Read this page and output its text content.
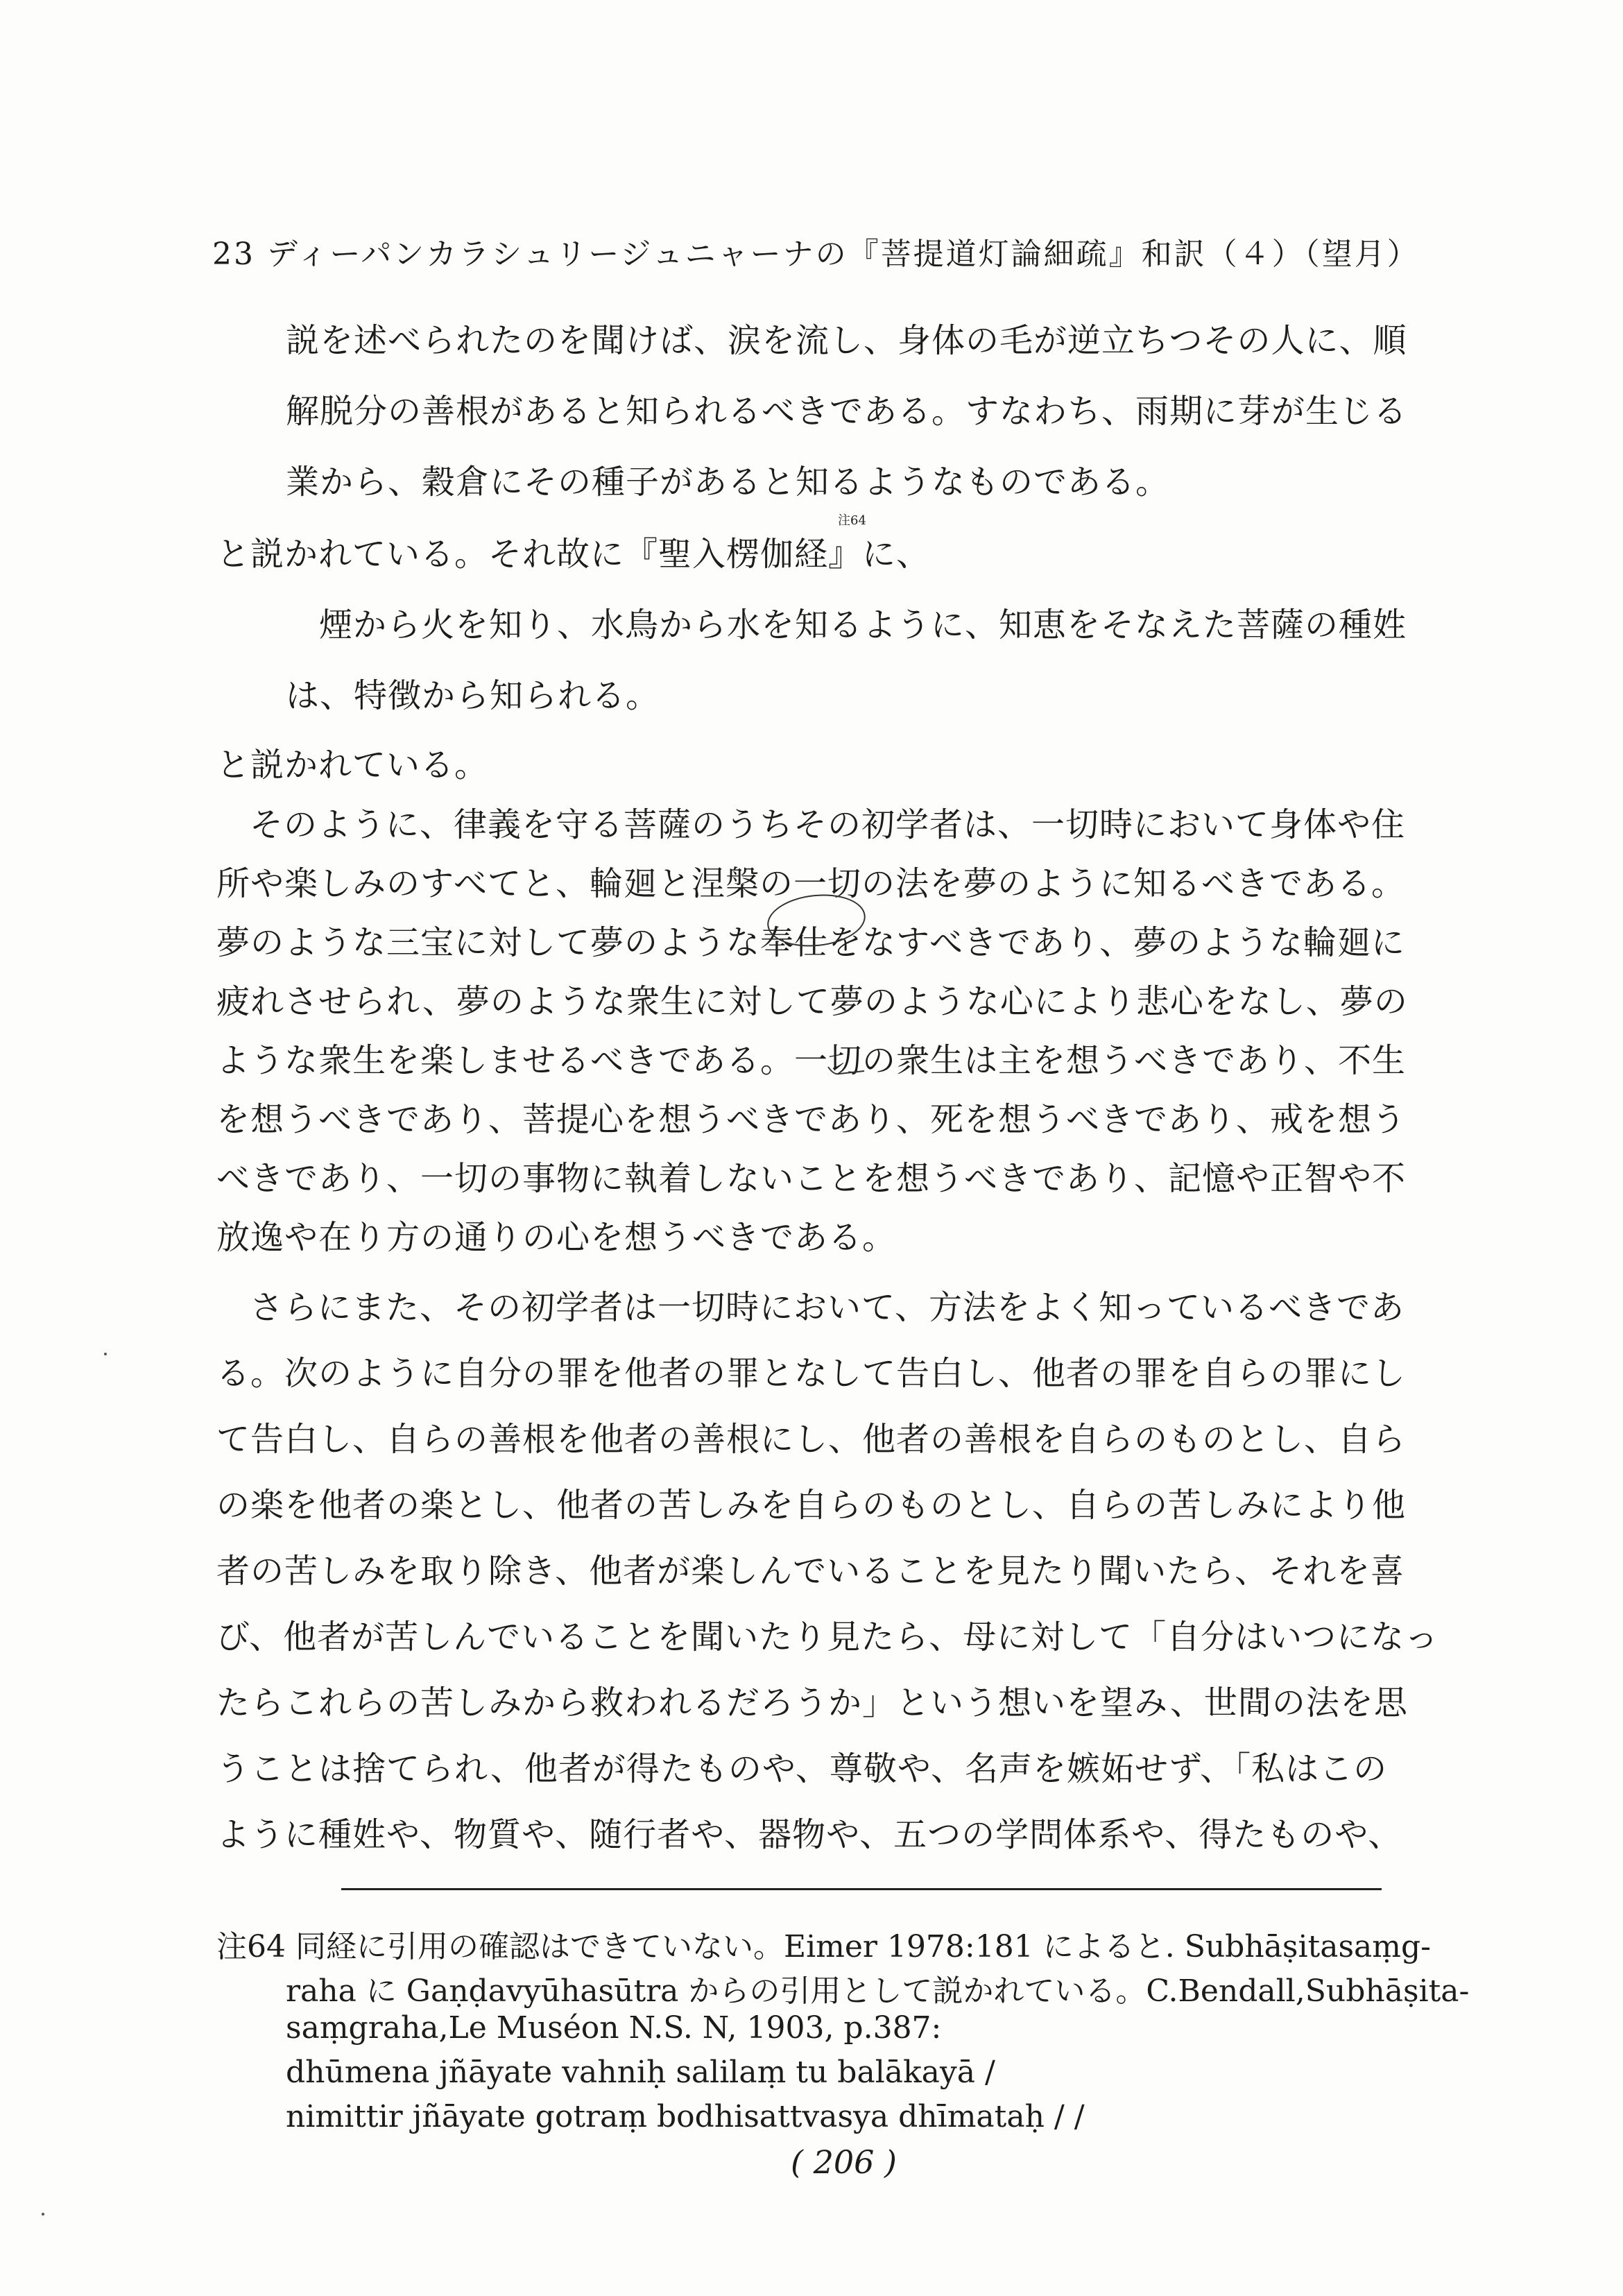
23 ディーパンカラシュリージュニャーナの『菩提道灯論細疏』和訳（４）（望月）
説を述べられたのを聞けば、涙を流し、身体の毛が逆立ちつその人に、順
解脱分の善根があると知られるべきである。すなわち、雨期に芽が生じる
業から、穀倉にその種子があると知るようなものである。
と説かれている。それ故に『聖入楞伽経』に、
注64
煙から火を知り、水鳥から水を知るように、知恵をそなえた菩薩の種姓
は、特徴から知られる。
と説かれている。
そのように、律義を守る菩薩のうちその初学者は、一切時において身体や住
所や楽しみのすべてと、輪廻と涅槃の一切の法を夢のように知るべきである。
夢のような三宝に対して夢のような奉仕をなすべきであり、夢のような輪廻に
疲れさせられ、夢のような衆生に対して夢のような心により悲心をなし、夢の
ような衆生を楽しませるべきである。一切の衆生は主を想うべきであり、不生
を想うべきであり、菩提心を想うべきであり、死を想うべきであり、戒を想う
べきであり、一切の事物に執着しないことを想うべきであり、記憶や正智や不
放逸や在り方の通りの心を想うべきである。
さらにまた、その初学者は一切時において、方法をよく知っているべきであ
る。次のように自分の罪を他者の罪となして告白し、他者の罪を自らの罪にし
て告白し、自らの善根を他者の善根にし、他者の善根を自らのものとし、自ら
の楽を他者の楽とし、他者の苦しみを自らのものとし、自らの苦しみにより他
者の苦しみを取り除き、他者が楽しんでいることを見たり聞いたら、それを喜
び、他者が苦しんでいることを聞いたり見たら、母に対して「自分はいつになっ
たらこれらの苦しみから救われるだろうか」という想いを望み、世間の法を思
うことは捨てられ、他者が得たものや、尊敬や、名声を嫉妬せず、「私はこの
ように種姓や、物質や、随行者や、器物や、五つの学問体系や、得たものや、
注64 同経に引用の確認はできていない。Eimer 1978:181 によると. Subhāṣitasaṃg-
raha に Gaṇḍavyūhasūtra からの引用として説かれている。C.Bendall,Subhāṣita-
saṃgraha,Le Muséon N.S. N, 1903, p.387:
dhūmena jñāyate vahniḥ salilaṃ tu balākayā /
nimittir jñāyate gotraṃ bodhisattvasya dhīmataḥ / /
( 206 )
